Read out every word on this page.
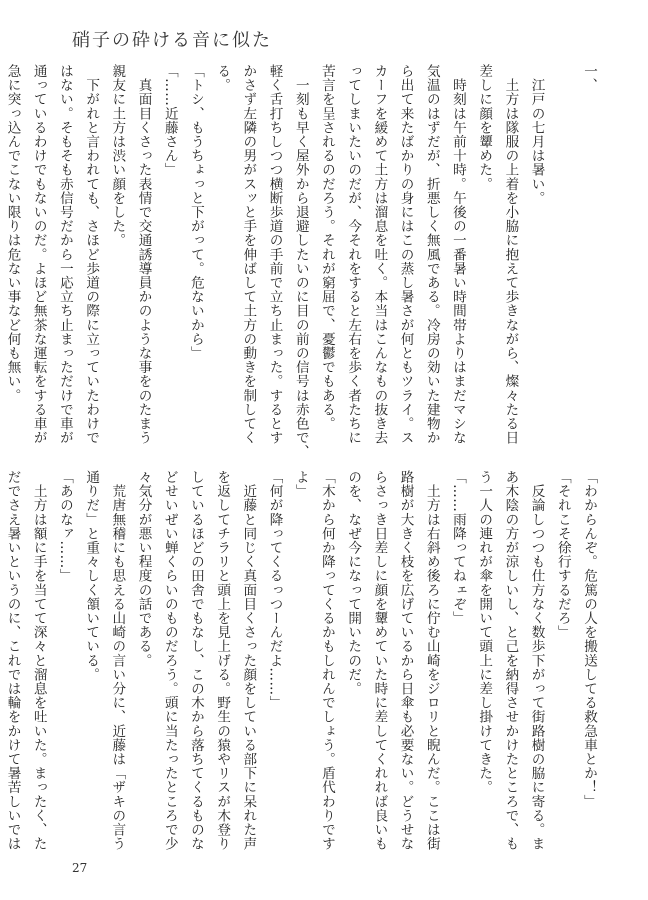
硝子の砕ける音に似た

一、

　江戸の七月は暑い。

　土方は隊服の上着を小脇に抱えて歩きながら、燦々たる日

差しに顔を顰めた。

　時刻は午前十時。午後の一番暑い時間帯よりはまだマシな

気温のはずだが、折悪しく無風である。冷房の効いた建物か

ら出て来たばかりの身にはこの蒸し暑さが何ともツライ。ス

カーフを緩めて土方は溜息を吐く。本当はこんなもの抜き去

ってしまいたいのだが、今それをすると左右を歩く者たちに

苦言を呈されるのだろう。それが窮屈で、憂鬱でもある。

　一刻も早く屋外から退避したいのに目の前の信号は赤色で、

軽く舌打ちしつつ横断歩道の手前で立ち止まった。するとす

かさず左隣の男がスッと手を伸ばして土方の動きを制してく

る。

「トシ、もうちょっと下がって。危ないから」

「……近藤さん」

　真面目くさった表情で交通誘導員かのような事をのたまう

親友に土方は渋い顔をした。

　下がれと言われても、さほど歩道の際に立っていたわけで

はない。そもそも赤信号だから一応立ち止まっただけで車が

通っているわけでもないのだ。よほど無茶な運転をする車が

急に突っ込んでこない限りは危ない事など何も無い。

「わからんぞ。危篤の人を搬送してる救急車とか！」

「それこそ徐行するだろ」

　反論しつつも仕方なく数歩下がって街路樹の脇に寄る。ま

あ木陰の方が涼しいし、と己を納得させかけたところで、も

う一人の連れが傘を開いて頭上に差し掛けてきた。

「……雨降ってねェぞ」

　土方は右斜め後ろに佇む山崎をジロリと睨んだ。ここは街

路樹が大きく枝を広げているから日傘も必要ない。どうせな

らさっき日差しに顔を顰めていた時に差してくれれば良いも

のを、なぜ今になって開いたのだ。

「木から何か降ってくるかもしれんでしょう。盾代わりです

よ」

「何が降ってくるっつーんだよ……」

　近藤と同じく真面目くさった顔をしている部下に呆れた声

を返してチラリと頭上を見上げる。野生の猿やリスが木登り

しているほどの田舎でもなし、この木から落ちてくるものな

どせいぜい蝉くらいのものだろう。頭に当たったところで少

々気分が悪い程度の話である。

　荒唐無稽にも思える山崎の言い分に、近藤は「ザキの言う

通りだ」と重々しく頷いている。

「あのなァ……」

　土方は額に手を当てて深々と溜息を吐いた。まったく、た

だでさえ暑いというのに、これでは輪をかけて暑苦しいでは

27
